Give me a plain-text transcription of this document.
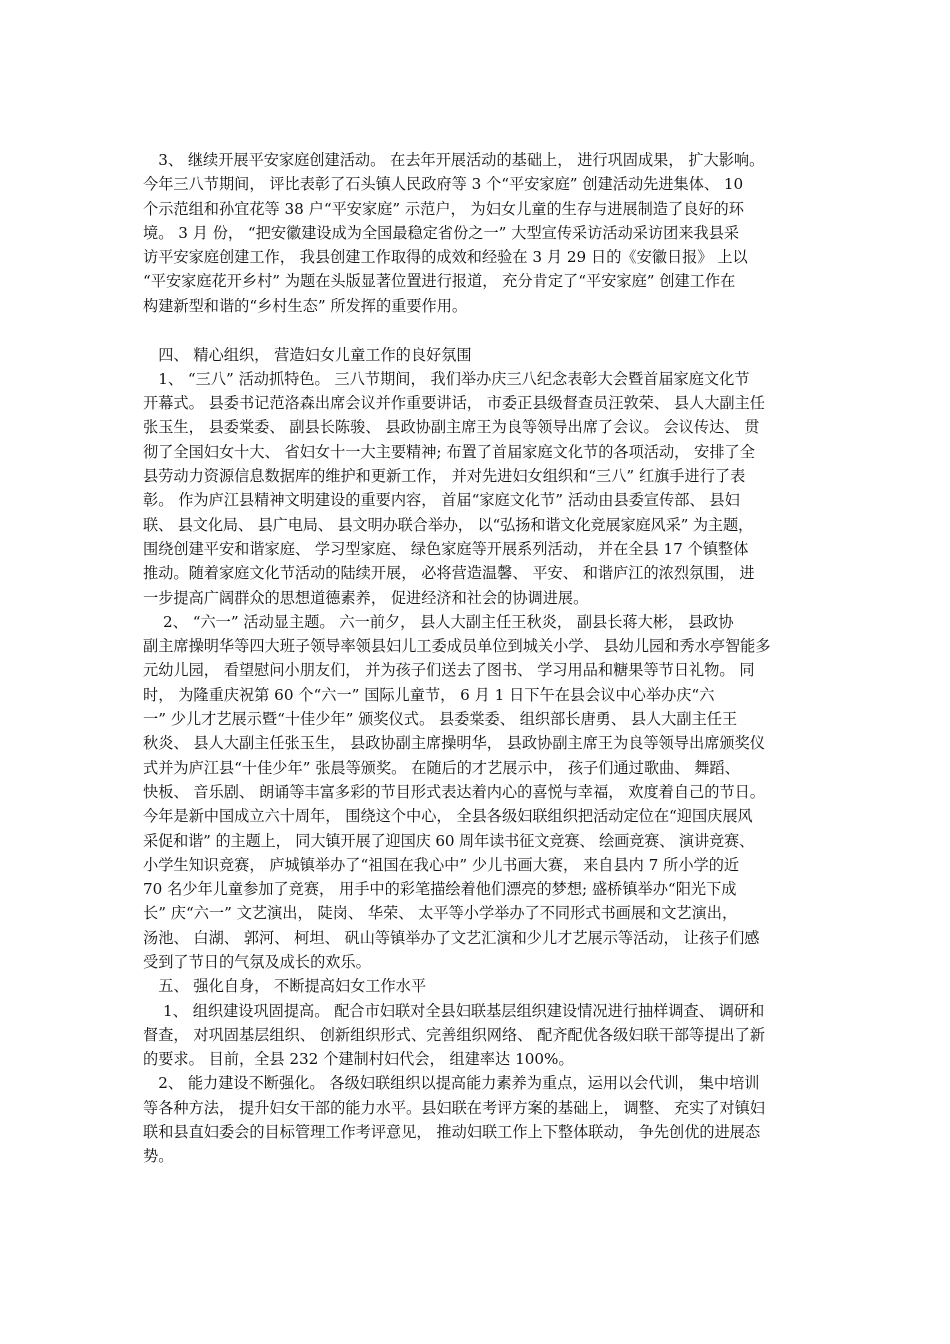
　3、 继续开展平安家庭创建活动。 在去年开展活动的基础上， 进行巩固成果， 扩大影响。

今年三八节期间， 评比表彰了石头镇人民政府等 3 个“平安家庭” 创建活动先进集体、 10

个示范组和孙宜花等 38 户“平安家庭” 示范户， 为妇女儿童的生存与进展制造了良好的环

境。 3 月 份， “把安徽建设成为全国最稳定省份之一” 大型宣传采访活动采访团来我县采

访平安家庭创建工作， 我县创建工作取得的成效和经验在 3 月 29 日的《安徽日报》 上以

“平安家庭花开乡村” 为题在头版显著位置进行报道， 充分肯定了“平安家庭” 创建工作在

构建新型和谐的“乡村生态” 所发挥的重要作用。

　四、 精心组织， 营造妇女儿童工作的良好氛围

　1、 “三八” 活动抓特色。 三八节期间， 我们举办庆三八纪念表彰大会暨首届家庭文化节

开幕式。 县委书记范洛森出席会议并作重要讲话， 市委正县级督查员汪敦荣、 县人大副主任

张玉生， 县委棠委、 副县长陈骏、 县政协副主席王为良等领导出席了会议。 会议传达、 贯

彻了全国妇女十大、 省妇女十一大主要精神; 布置了首届家庭文化节的各项活动， 安排了全

县劳动力资源信息数据库的维护和更新工作， 并对先进妇女组织和“三八” 红旗手进行了表

彰。 作为庐江县精神文明建设的重要内容， 首届“家庭文化节” 活动由县委宣传部、 县妇

联、 县文化局、 县广电局、 县文明办联合举办， 以“弘扬和谐文化竞展家庭风采” 为主题，

围绕创建平安和谐家庭、 学习型家庭、 绿色家庭等开展系列活动， 并在全县 17 个镇整体

推动。随着家庭文化节活动的陆续开展， 必将营造温馨、 平安、 和谐庐江的浓烈氛围， 进

一步提高广阔群众的思想道德素养， 促进经济和社会的协调进展。

　 2、 “六一” 活动显主题。 六一前夕， 县人大副主任王秋炎， 副县长蒋大彬， 县政协

副主席操明华等四大班子领导率领县妇儿工委成员单位到城关小学、 县幼儿园和秀水亭智能多

元幼儿园， 看望慰问小朋友们， 并为孩子们送去了图书、 学习用品和糖果等节日礼物。 同

时， 为隆重庆祝第 60 个“六一” 国际儿童节， 6 月 1 日下午在县会议中心举办庆“六

一” 少儿才艺展示暨“十佳少年” 颁奖仪式。 县委棠委、 组织部长唐勇、 县人大副主任王

秋炎、 县人大副主任张玉生， 县政协副主席操明华， 县政协副主席王为良等领导出席颁奖仪

式并为庐江县“十佳少年” 张晨等颁奖。 在随后的才艺展示中， 孩子们通过歌曲、 舞蹈、

快板、 音乐剧、 朗诵等丰富多彩的节目形式表达着内心的喜悦与幸福， 欢度着自己的节日。

今年是新中国成立六十周年， 围绕这个中心， 全县各级妇联组织把活动定位在“迎国庆展风

采促和谐” 的主题上， 同大镇开展了迎国庆 60 周年读书征文竞赛、 绘画竞赛、 演讲竞赛、

小学生知识竞赛， 庐城镇举办了“祖国在我心中” 少儿书画大赛， 来自县内 7 所小学的近

70 名少年儿童参加了竞赛， 用手中的彩笔描绘着他们漂亮的梦想; 盛桥镇举办“阳光下成

长” 庆“六一” 文艺演出， 陡岗、 华荣、 太平等小学举办了不同形式书画展和文艺演出，

汤池、 白湖、 郭河、 柯坦、 矾山等镇举办了文艺汇演和少儿才艺展示等活动， 让孩子们感

受到了节日的气氛及成长的欢乐。

　五、 强化自身， 不断提高妇女工作水平

　 1、 组织建设巩固提高。 配合市妇联对全县妇联基层组织建设情况进行抽样调查、 调研和

督查， 对巩固基层组织、 创新组织形式、完善组织网络、 配齐配优各级妇联干部等提出了新

的要求。 目前，全县 232 个建制村妇代会， 组建率达 100%。

　2、 能力建设不断强化。 各级妇联组织以提高能力素养为重点，运用以会代训， 集中培训

等各种方法， 提升妇女干部的能力水平。县妇联在考评方案的基础上， 调整、 充实了对镇妇

联和县直妇委会的目标管理工作考评意见， 推动妇联工作上下整体联动， 争先创优的进展态

势。
